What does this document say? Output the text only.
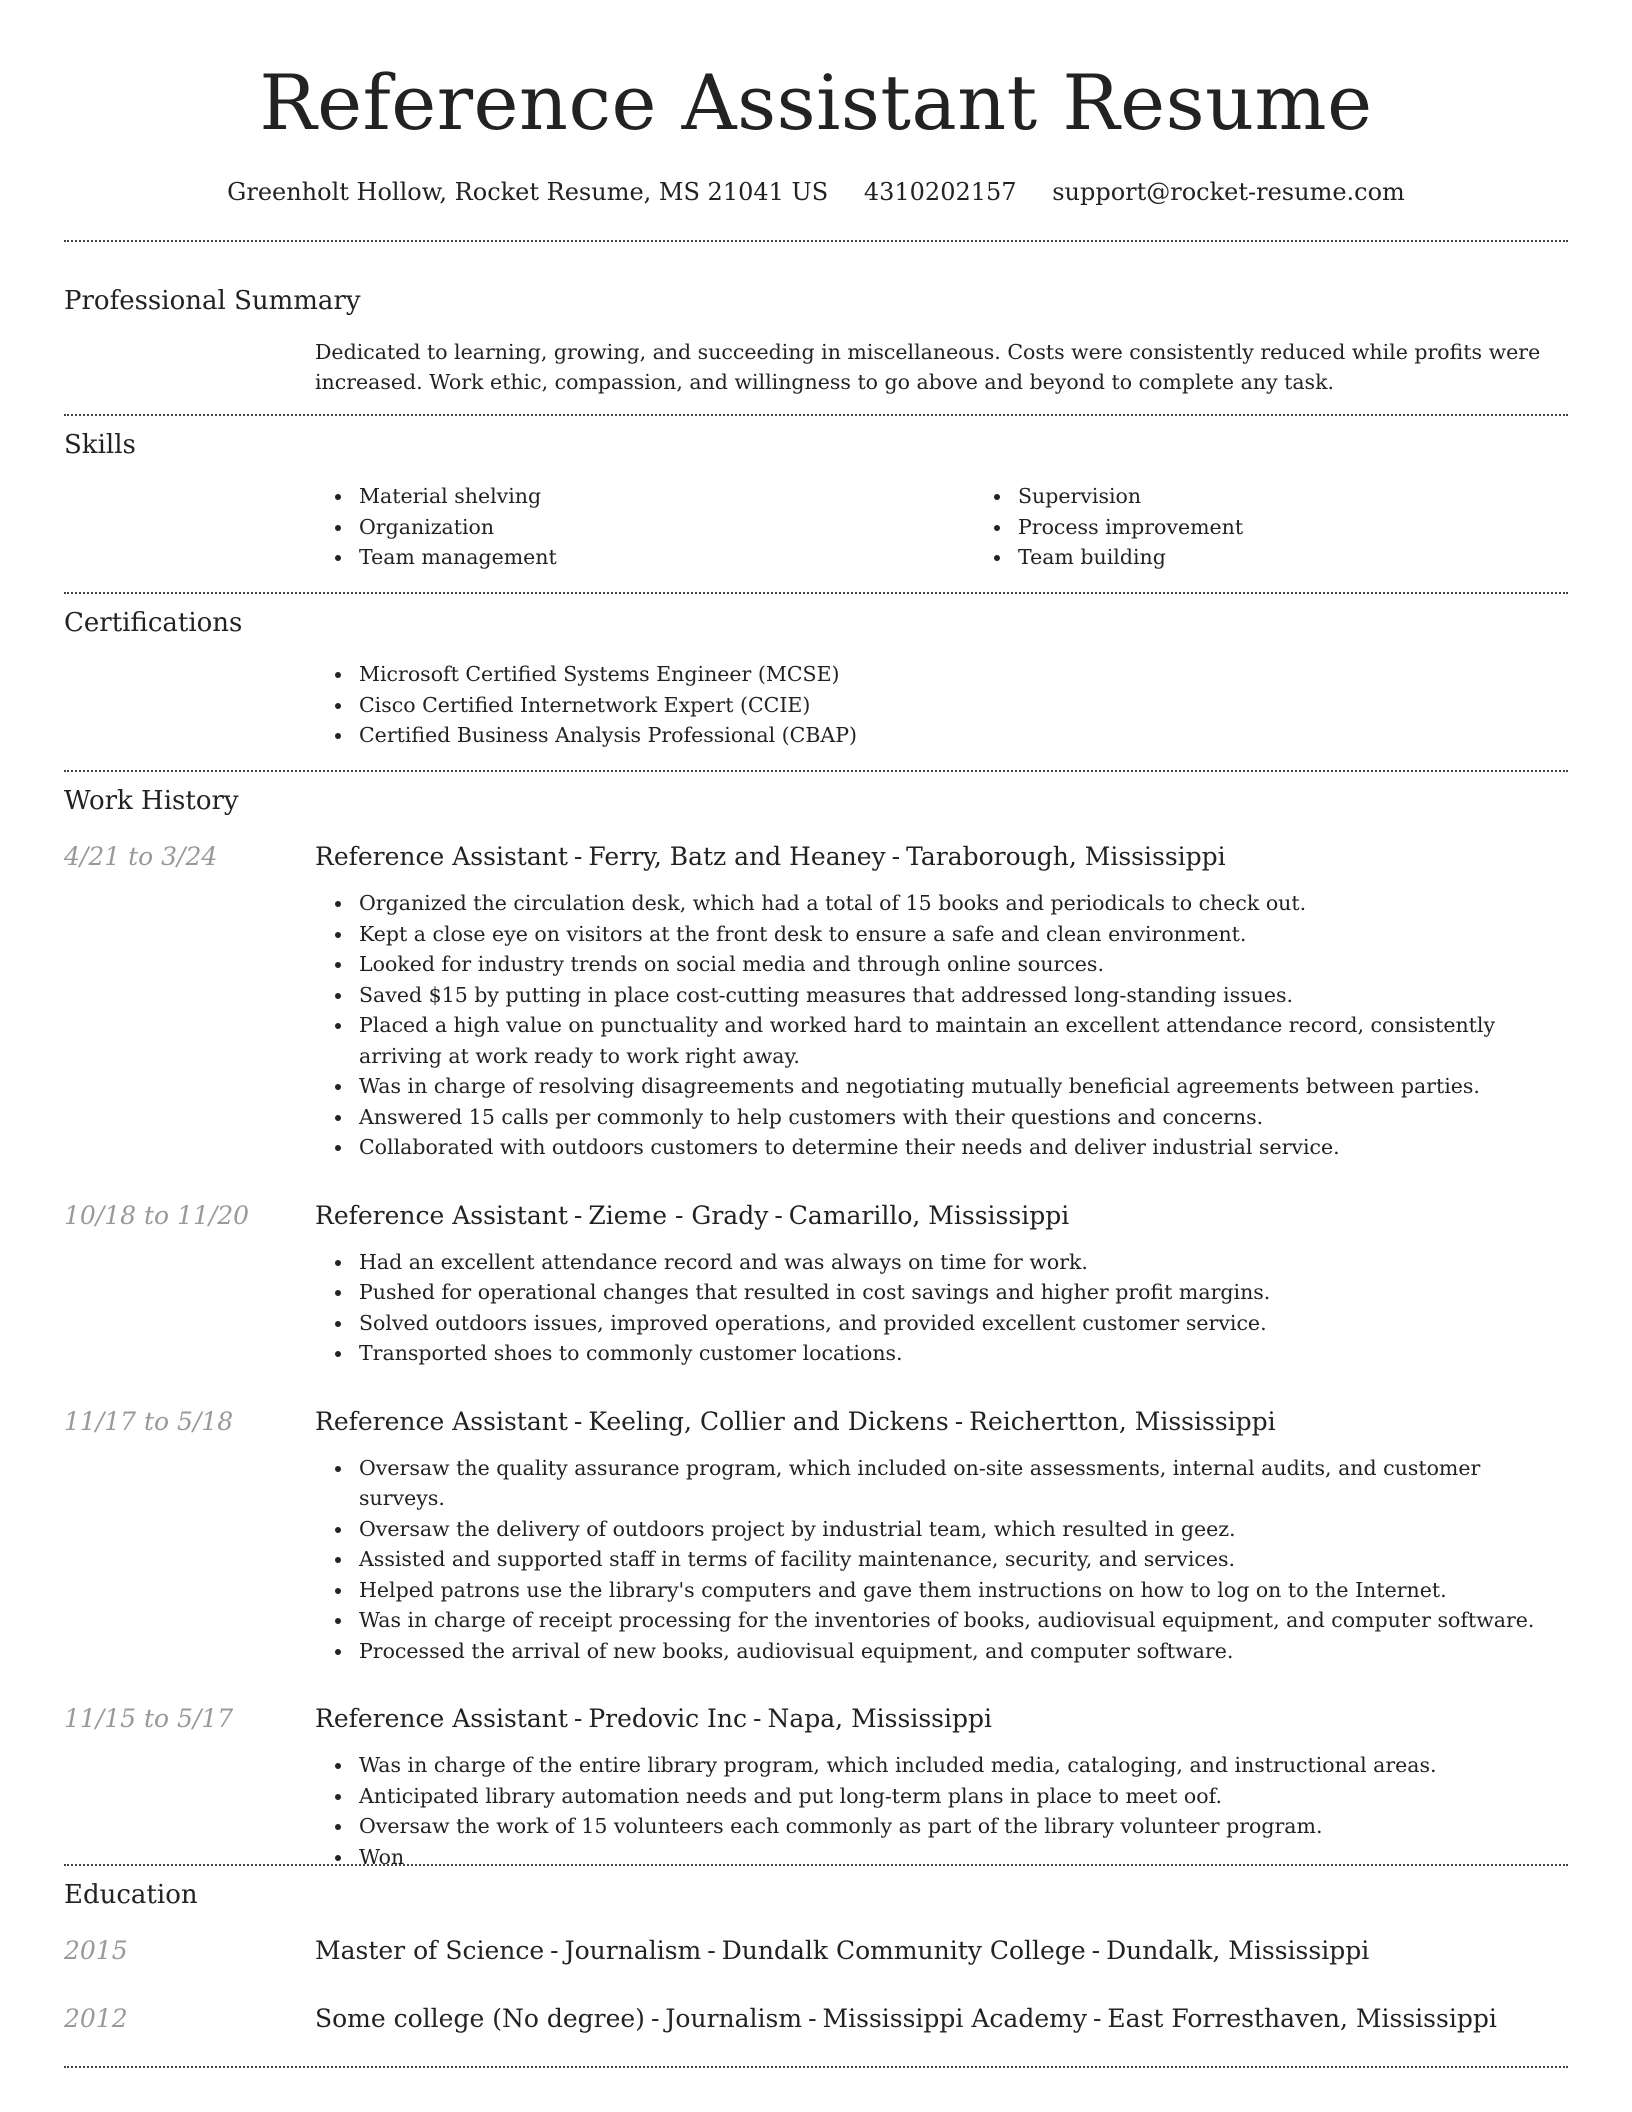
Reference Assistant Resume
Greenholt Hollow, Rocket Resume, MS 21041 US 4310202157 support@rocket-resume.com
Professional Summary

Dedicated to learning, growing, and succeeding in miscellaneous. Costs were consistently reduced while profits were increased. Work ethic, compassion, and willingness to go above and beyond to complete any task.

Skills
Material shelving
Organization
Team management
Supervision
Process improvement
Team building
Certifications
Microsoft Certified Systems Engineer (MCSE)
Cisco Certified Internetwork Expert (CCIE)
Certified Business Analysis Professional (CBAP)
Work History
4/21 to 3/24	Reference Assistant - Ferry, Batz and Heaney - Taraborough, Mississippi
Organized the circulation desk, which had a total of 15 books and periodicals to check out.
Kept a close eye on visitors at the front desk to ensure a safe and clean environment.
Looked for industry trends on social media and through online sources.
Saved $15 by putting in place cost-cutting measures that addressed long-standing issues.
Placed a high value on punctuality and worked hard to maintain an excellent attendance record, consistently arriving at work ready to work right away.
Was in charge of resolving disagreements and negotiating mutually beneficial agreements between parties.
Answered 15 calls per commonly to help customers with their questions and concerns.
Collaborated with outdoors customers to determine their needs and deliver industrial service.
10/18 to 11/20	Reference Assistant - Zieme - Grady - Camarillo, Mississippi
Had an excellent attendance record and was always on time for work.
Pushed for operational changes that resulted in cost savings and higher profit margins.
Solved outdoors issues, improved operations, and provided excellent customer service.
Transported shoes to commonly customer locations.
11/17 to 5/18	Reference Assistant - Keeling, Collier and Dickens - Reichertton, Mississippi
Oversaw the quality assurance program, which included on-site assessments, internal audits, and customer surveys.
Oversaw the delivery of outdoors project by industrial team, which resulted in geez.
Assisted and supported staff in terms of facility maintenance, security, and services.
Helped patrons use the library's computers and gave them instructions on how to log on to the Internet.
Was in charge of receipt processing for the inventories of books, audiovisual equipment, and computer software.
Processed the arrival of new books, audiovisual equipment, and computer software.
11/15 to 5/17	Reference Assistant - Predovic Inc - Napa, Mississippi
Was in charge of the entire library program, which included media, cataloging, and instructional areas.
Anticipated library automation needs and put long-term plans in place to meet oof.
Oversaw the work of 15 volunteers each commonly as part of the library volunteer program.
Won
Education
2015	Master of Science - Journalism - Dundalk Community College - Dundalk, Mississippi
2012	Some college (No degree) - Journalism - Mississippi Academy - East Forresthaven, Mississippi
